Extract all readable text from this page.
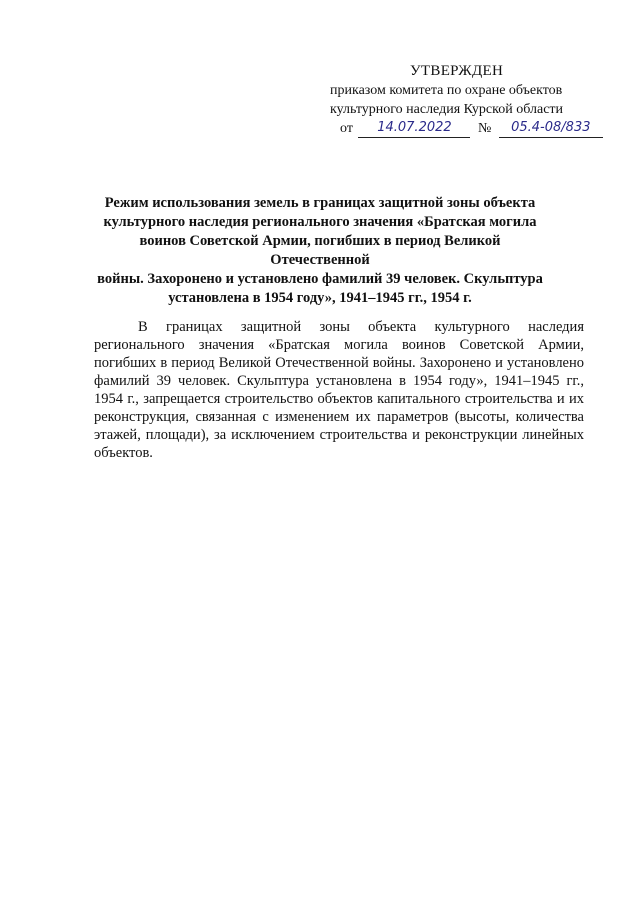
УТВЕРЖДЕН
приказом комитета по охране объектов
культурного наследия Курской области
от 14.07.2022 № 05.4-08/833

Режим использования земель в границах защитной зоны объекта

культурного наследия регионального значения «Братская могила

воинов Советской Армии, погибших в период Великой Отечественной

войны. Захоронено и установлено фамилий 39 человек. Скульптура

установлена в 1954 году», 1941–1945 гг., 1954 г.

В границах защитной зоны объекта культурного наследия регионального значения «Братская могила воинов Советской Армии, погибших в период Великой Отечественной войны. Захоронено и установлено фамилий 39 человек. Скульптура установлена в 1954 году», 1941–1945 гг., 1954 г., запрещается строительство объектов капитального строительства и их реконструкция, связанная с изменением их параметров (высоты, количества этажей, площади), за исключением строительства и реконструкции линейных объектов.
